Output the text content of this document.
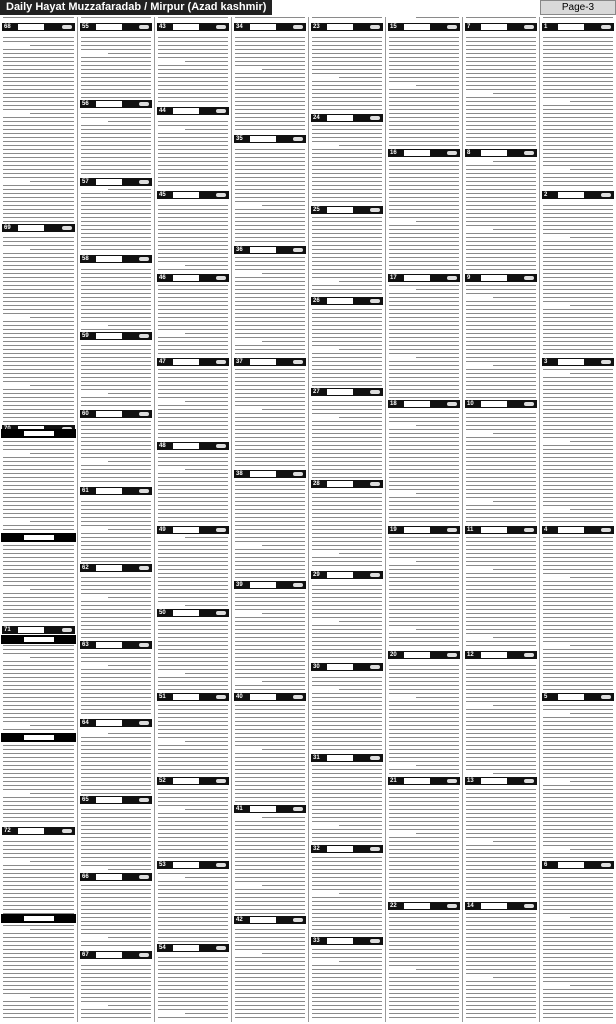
Daily Hayat Muzzafaradab / Mirpur (Azad kashmir)	Page-3
68
69
71
72
55
56
57
58
59
60
61
62
63
64
65
66
67
43
44
45
46
47
48
49
50
51
52
53
54
34
35
36
37
38
39
40
41
42
23
24
25
26
27
28
29
30
31
32
33
15
16
17
18
19
20
21
22
7
8
9
10
11
12
13
14
1
2
3
4
5
6
